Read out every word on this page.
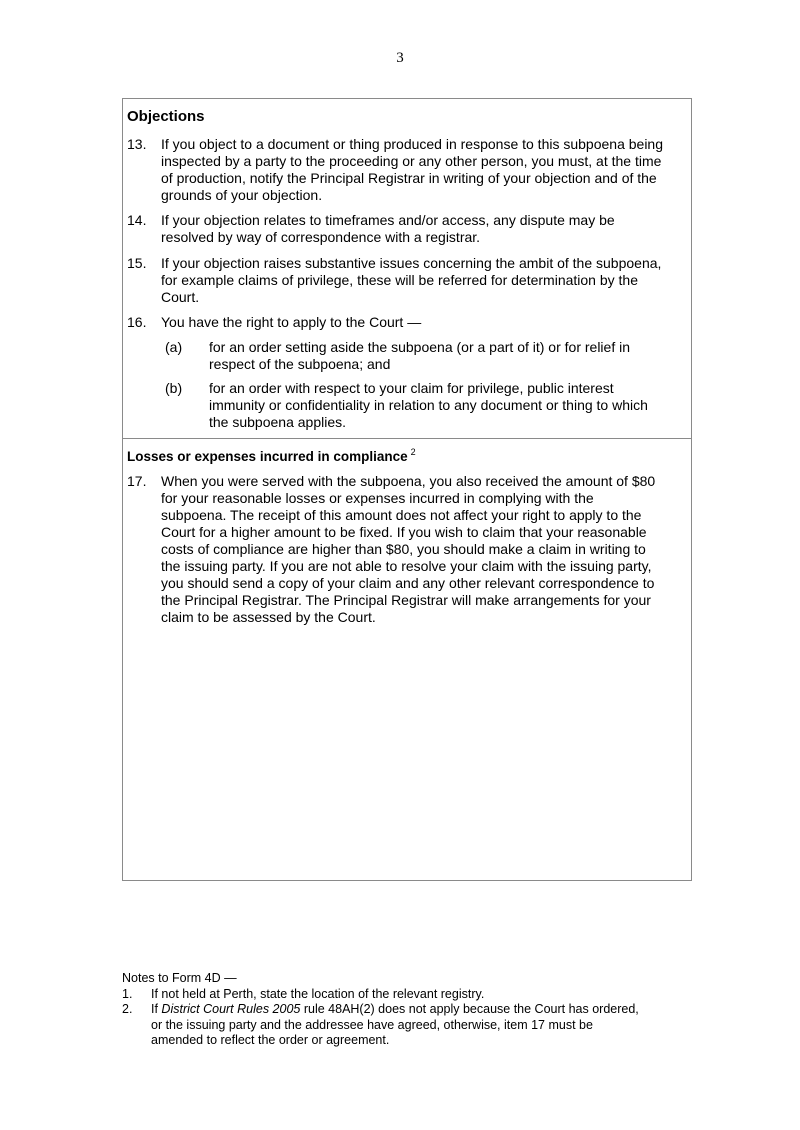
3
Objections
13. If you object to a document or thing produced in response to this subpoena being
inspected by a party to the proceeding or any other person, you must, at the time
of production, notify the Principal Registrar in writing of your objection and of the
grounds of your objection.
14. If your objection relates to timeframes and/or access, any dispute may be
resolved by way of correspondence with a registrar.
15. If your objection raises substantive issues concerning the ambit of the subpoena,
for example claims of privilege, these will be referred for determination by the
Court.
16. You have the right to apply to the Court —
(a) for an order setting aside the subpoena (or a part of it) or for relief in
respect of the subpoena; and
(b) for an order with respect to your claim for privilege, public interest
immunity or confidentiality in relation to any document or thing to which
the subpoena applies.
Losses or expenses incurred in compliance $^2$
17. When you were served with the subpoena, you also received the amount of $80
for your reasonable losses or expenses incurred in complying with the
subpoena. The receipt of this amount does not affect your right to apply to the
Court for a higher amount to be fixed. If you wish to claim that your reasonable
costs of compliance are higher than $80, you should make a claim in writing to
the issuing party. If you are not able to resolve your claim with the issuing party,
you should send a copy of your claim and any other relevant correspondence to
the Principal Registrar. The Principal Registrar will make arrangements for your
claim to be assessed by the Court.
Notes to Form 4D —
1. If not held at Perth, state the location of the relevant registry.
2. If District Court Rules 2005 rule 48AH(2) does not apply because the Court has ordered,
or the issuing party and the addressee have agreed, otherwise, item 17 must be
amended to reflect the order or agreement.
